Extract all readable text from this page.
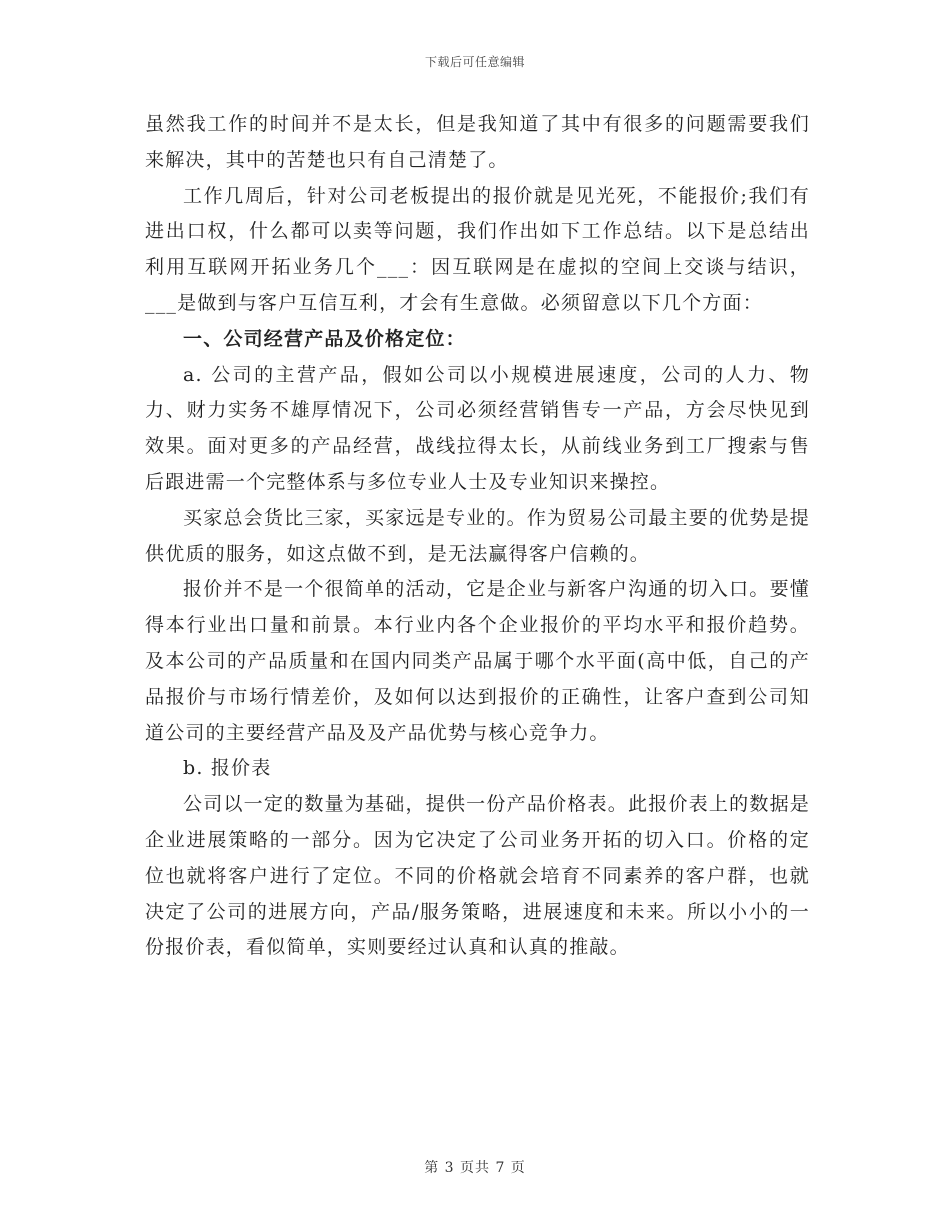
下载后可任意编辑

虽然我工作的时间并不是太长，但是我知道了其中有很多的问题需要我们来解决，其中的苦楚也只有自己清楚了。

工作几周后，针对公司老板提出的报价就是见光死，不能报价;我们有进出口权，什么都可以卖等问题，我们作出如下工作总结。以下是总结出利用互联网开拓业务几个___：因互联网是在虚拟的空间上交谈与结识，___是做到与客户互信互利，才会有生意做。必须留意以下几个方面：

一、公司经营产品及价格定位：

a. 公司的主营产品，假如公司以小规模进展速度，公司的人力、物力、财力实务不雄厚情况下，公司必须经营销售专一产品，方会尽快见到效果。面对更多的产品经营，战线拉得太长，从前线业务到工厂搜索与售后跟进需一个完整体系与多位专业人士及专业知识来操控。

买家总会货比三家，买家远是专业的。作为贸易公司最主要的优势是提供优质的服务，如这点做不到，是无法赢得客户信赖的。

报价并不是一个很简单的活动，它是企业与新客户沟通的切入口。要懂得本行业出口量和前景。本行业内各个企业报价的平均水平和报价趋势。及本公司的产品质量和在国内同类产品属于哪个水平面(高中低，自己的产品报价与市场行情差价，及如何以达到报价的正确性，让客户查到公司知道公司的主要经营产品及及产品优势与核心竞争力。

b. 报价表

公司以一定的数量为基础，提供一份产品价格表。此报价表上的数据是企业进展策略的一部分。因为它决定了公司业务开拓的切入口。价格的定位也就将客户进行了定位。不同的价格就会培育不同素养的客户群，也就决定了公司的进展方向，产品/服务策略，进展速度和未来。所以小小的一份报价表，看似简单，实则要经过认真和认真的推敲。

第 3 页共 7 页
